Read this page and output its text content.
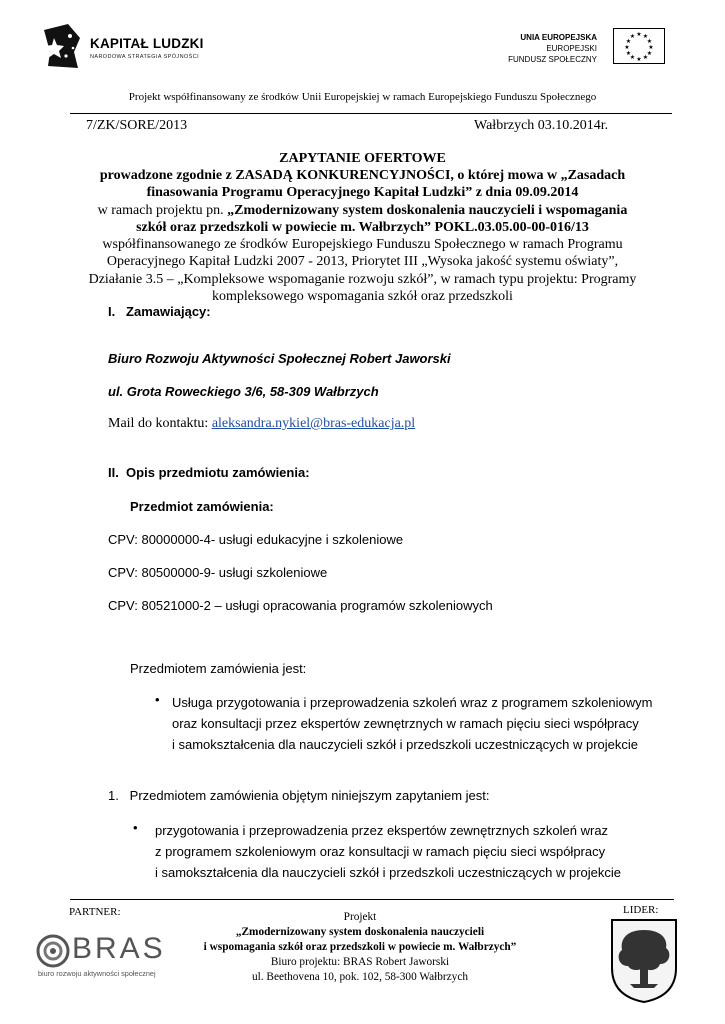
KAPITAŁ LUDZKI
NARODOWA STRATEGIA SPÓJNOŚCI
UNIA EUROPEJSKA
EUROPEJSKI
FUNDUSZ SPOŁECZNY
★ ★
★
★
★
★
★
★
★
★
★
★
Projekt współfinansowany ze środków Unii Europejskiej w ramach Europejskiego Funduszu Społecznego
7/ZK/SORE/2013	Wałbrzych 03.10.2014r.
ZAPYTANIE OFERTOWE
prowadzone zgodnie z ZASADĄ KONKURENCYJNOŚCI, o której mowa w „Zasadach
finasowania Programu Operacyjnego Kapitał Ludzki” z dnia 09.09.2014
w ramach projektu pn. „Zmodernizowany system doskonalenia nauczycieli i wspomagania
szkół oraz przedszkoli w powiecie m. Wałbrzych” POKL.03.05.00-00-016/13
współfinansowanego ze środków Europejskiego Funduszu Społecznego w ramach Programu
Operacyjnego Kapitał Ludzki 2007 - 2013, Priorytet III „Wysoka jakość systemu oświaty”,
Działanie 3.5 – „Kompleksowe wspomaganie rozwoju szkół”, w ramach typu projektu: Programy
kompleksowego wspomagania szkół oraz przedszkoli
I.   Zamawiający:
Biuro Rozwoju Aktywności Społecznej Robert Jaworski
ul. Grota Roweckiego 3/6, 58-309 Wałbrzych
Mail do kontaktu: aleksandra.nykiel@bras-edukacja.pl
II.  Opis przedmiotu zamówienia:
Przedmiot zamówienia:
CPV: 80000000-4- usługi edukacyjne i szkoleniowe
CPV: 80500000-9- usługi szkoleniowe
CPV: 80521000-2 – usługi opracowania programów szkoleniowych
Przedmiotem zamówienia jest:
• Usługa przygotowania i przeprowadzenia szkoleń wraz z programem szkoleniowym
oraz konsultacji przez ekspertów zewnętrznych w ramach pięciu sieci współpracy
i samokształcenia dla nauczycieli szkół i przedszkoli uczestniczących w projekcie
1.   Przedmiotem zamówienia objętym niniejszym zapytaniem jest:
• przygotowania i przeprowadzenia przez ekspertów zewnętrznych szkoleń wraz
z programem szkoleniowym oraz konsultacji w ramach pięciu sieci współpracy
i samokształcenia dla nauczycieli szkół i przedszkoli uczestniczących w projekcie
PARTNER:	LIDER:
Projekt
„Zmodernizowany system doskonalenia nauczycieli
i wspomagania szkół oraz przedszkoli w powiecie m. Wałbrzych”
Biuro projektu: BRAS Robert Jaworski
ul. Beethovena 10, pok. 102, 58-300 Wałbrzych
BRAS
biuro rozwoju aktywności społecznej
